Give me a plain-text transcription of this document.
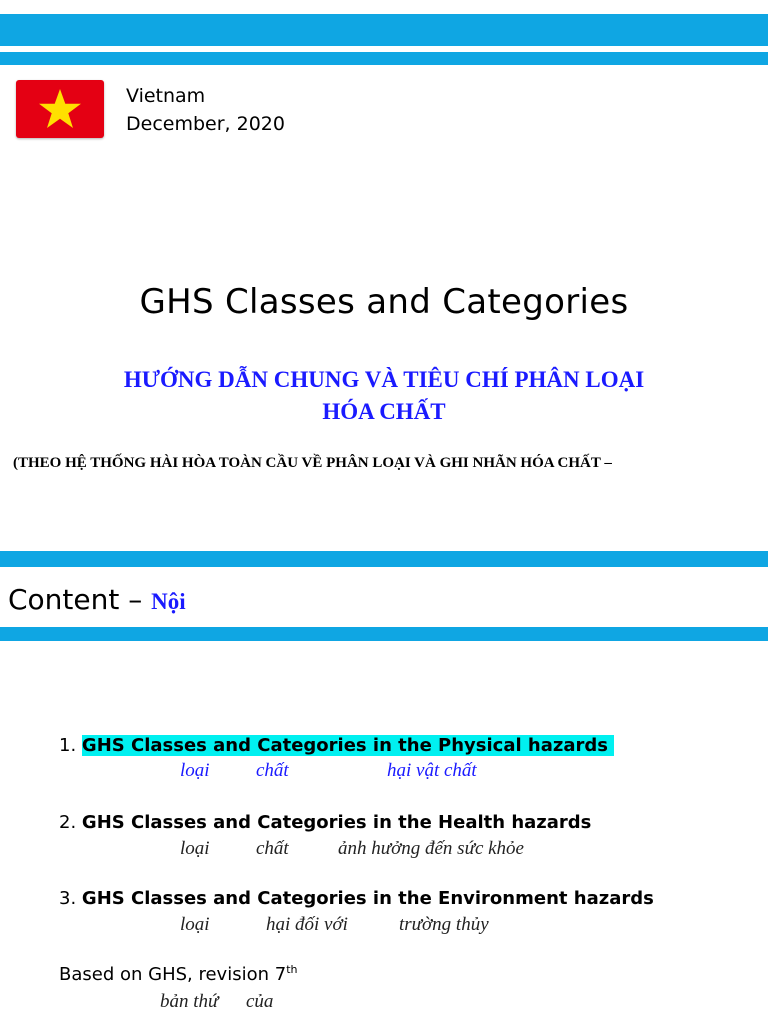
Vietnam
December, 2020
GHS Classes and Categories
HƯỚNG DẪN CHUNG VÀ TIÊU CHÍ PHÂN LOẠI
HÓA CHẤT
(THEO HỆ THỐNG HÀI HÒA TOÀN CẦU VỀ PHÂN LOẠI VÀ GHI NHÃN HÓA CHẤT –
Content – Nội
1. GHS Classes and Categories in the Physical hazards
loại chất	hại vật chất
2. GHS Classes and Categories in the Health hazards
loại chất	ảnh hưởng đến sức khỏe
3. GHS Classes and Categories in the Environment hazards
loại	hại đối với	trường thủy
Based on GHS, revision 7th
bản thứ của
